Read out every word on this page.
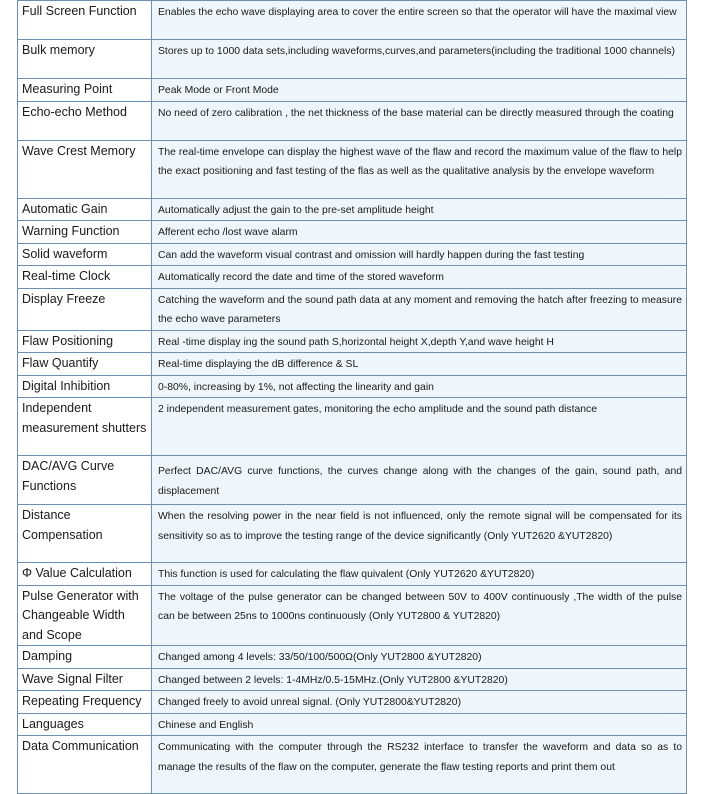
Full Screen Function	Enables the echo wave displaying area to cover the entire screen so that the operator will have the maximal view
Bulk memory	Stores up to 1000 data sets,including waveforms,curves,and parameters(including the traditional 1000 channels)
Measuring Point	Peak Mode or Front Mode
Echo-echo Method	No need of zero calibration , the net thickness of the base material can be directly measured through the coating
Wave Crest Memory	The real-time envelope can display the highest wave of the flaw and record the maximum value of the flaw to help the exact positioning and fast testing of the flas as well as the qualitative analysis by the envelope waveform
Automatic Gain	Automatically adjust the gain to the pre-set amplitude height
Warning Function	Afferent echo /lost wave alarm
Solid waveform	Can add the waveform visual contrast and omission will hardly happen during the fast testing
Real-time Clock	Automatically record the date and time of the stored waveform
Display Freeze	Catching the waveform and the sound path data at any moment and removing the hatch after freezing to measure the echo wave parameters
Flaw Positioning	Real -time display ing the sound path S,horizontal height X,depth Y,and wave height H
Flaw Quantify	Real-time displaying the dB difference & SL
Digital Inhibition	0-80%, increasing by 1%, not affecting the linearity and gain
Independent measurement shutters	2 independent measurement gates, monitoring the echo amplitude and the sound path distance
DAC/AVG Curve Functions	Perfect DAC/AVG curve functions, the curves change along with the changes of the gain, sound path, and displacement
Distance Compensation	When the resolving power in the near field is not influenced, only the remote signal will be compensated for its sensitivity so as to improve the testing range of the device significantly (Only YUT2620 &YUT2820)
Φ Value Calculation	This function is used for calculating the flaw quivalent (Only YUT2620 &YUT2820)
Pulse Generator with Changeable Width and Scope	The voltage of the pulse generator can be changed between 50V to 400V continuously ,The width of the pulse can be between 25ns to 1000ns continuously (Only YUT2800 & YUT2820)
Damping	Changed among 4 levels: 33/50/100/500Ω(Only YUT2800 &YUT2820)
Wave Signal Filter	Changed between 2 levels: 1-4MHz/0.5-15MHz.(Only YUT2800 &YUT2820)
Repeating Frequency	Changed freely to avoid unreal signal. (Only YUT2800&YUT2820)
Languages	Chinese and English
Data Communication	Communicating with the computer through the RS232 interface to transfer the waveform and data so as to manage the results of the flaw on the computer, generate the flaw testing reports and print them out
